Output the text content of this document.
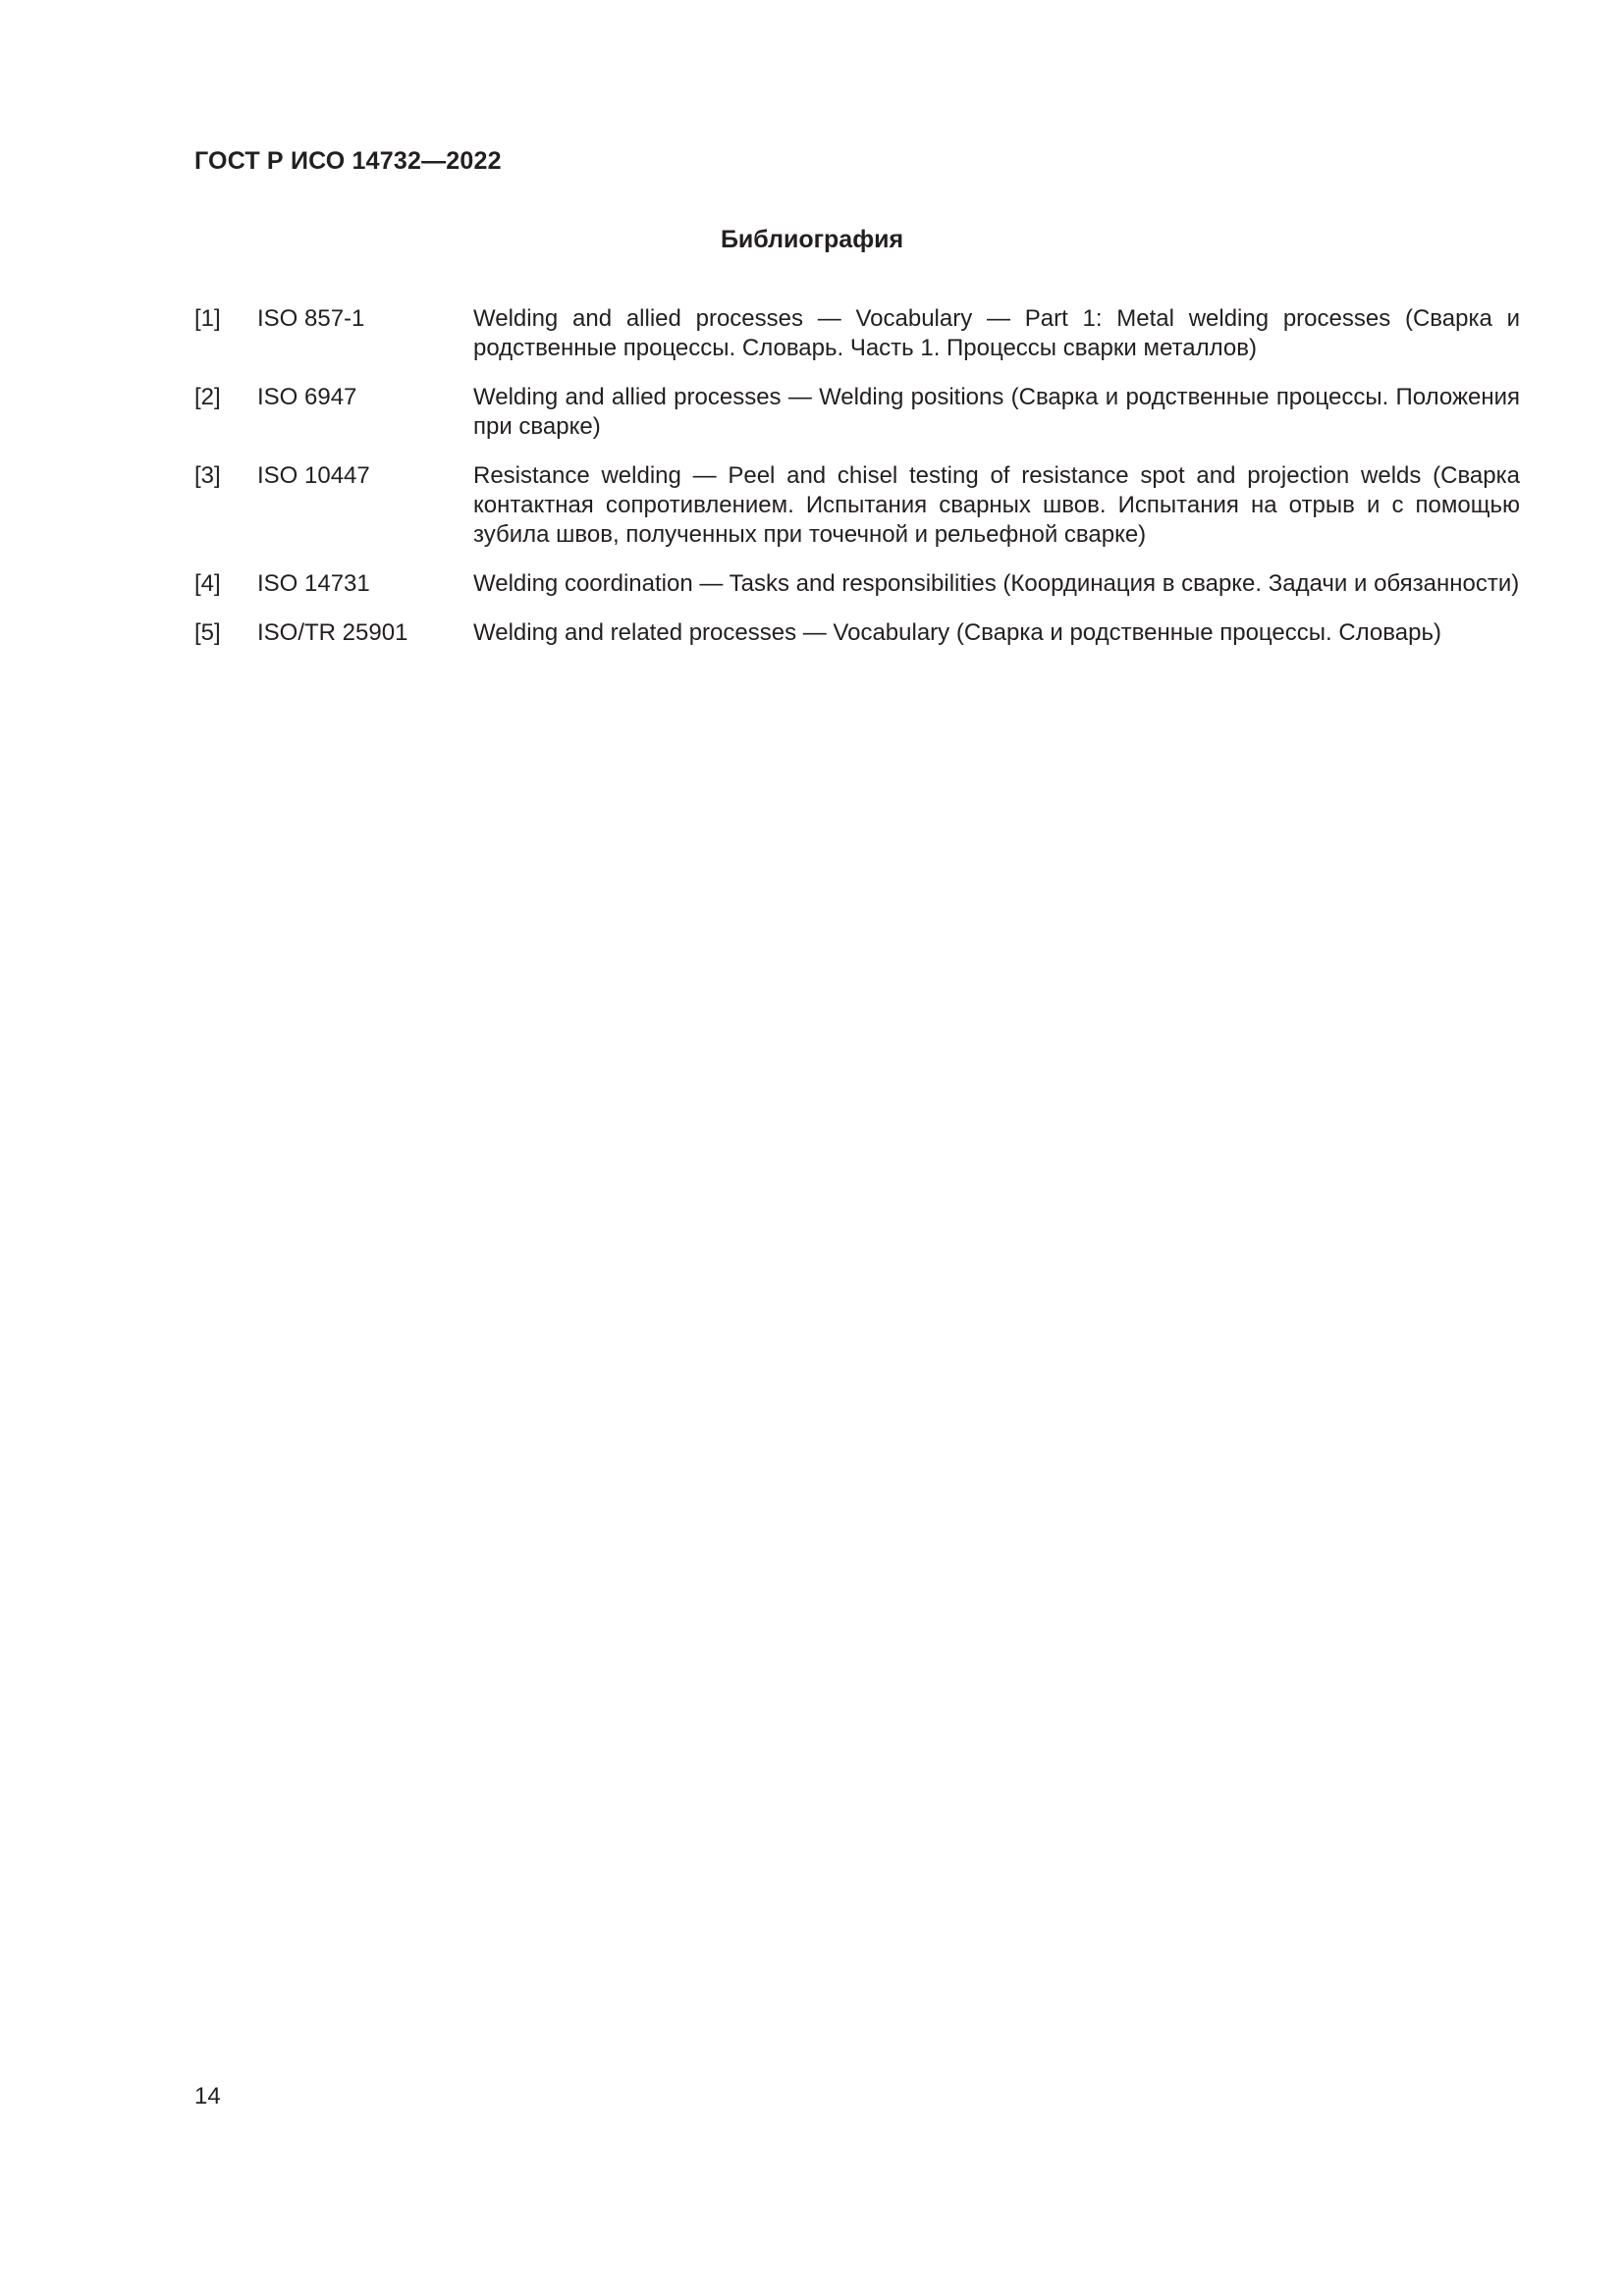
ГОСТ Р ИСО 14732—2022
Библиография
[1]	ISO 857-1	Welding and allied processes — Vocabulary — Part 1: Metal welding processes (Сварка и родственные процессы. Словарь. Часть 1. Процессы сварки металлов)
[2]	ISO 6947	Welding and allied processes — Welding positions (Сварка и родственные процессы. Положения при сварке)
[3]	ISO 10447	Resistance welding — Peel and chisel testing of resistance spot and projection welds (Сварка контактная сопротивлением. Испытания сварных швов. Испытания на отрыв и с помощью зубила швов, полученных при точечной и рельефной сварке)
[4]	ISO 14731	Welding coordination — Tasks and responsibilities (Координация в сварке. Задачи и обязанности)
[5]	ISO/TR 25901	Welding and related processes — Vocabulary (Сварка и родственные процессы. Словарь)
14
